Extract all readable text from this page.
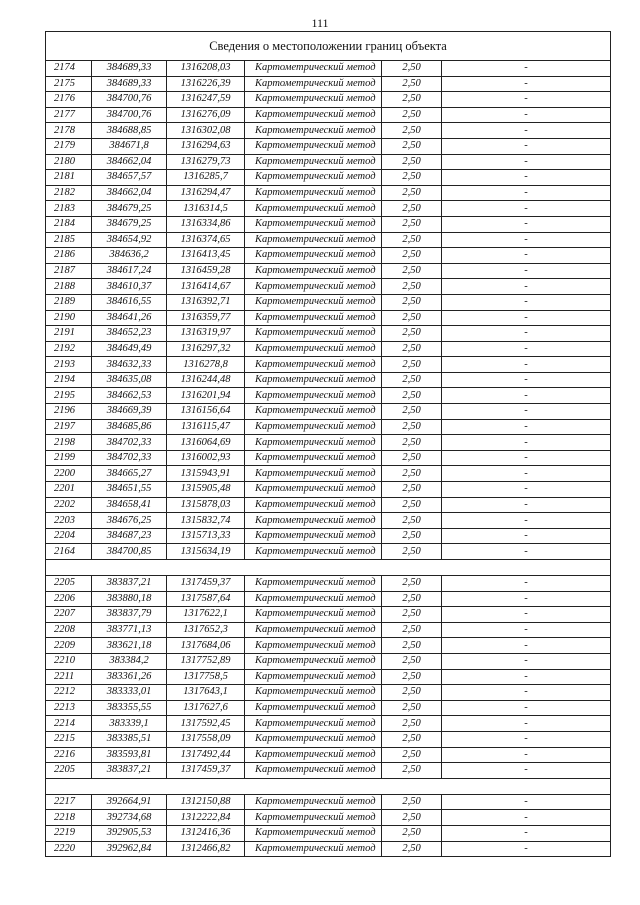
111
Сведения о местоположении границ объекта					
2174	384689,33	1316208,03	Картометрический метод	2,50	-
2175	384689,33	1316226,39	Картометрический метод	2,50	-
2176	384700,76	1316247,59	Картометрический метод	2,50	-
2177	384700,76	1316276,09	Картометрический метод	2,50	-
2178	384688,85	1316302,08	Картометрический метод	2,50	-
2179	384671,8	1316294,63	Картометрический метод	2,50	-
2180	384662,04	1316279,73	Картометрический метод	2,50	-
2181	384657,57	1316285,7	Картометрический метод	2,50	-
2182	384662,04	1316294,47	Картометрический метод	2,50	-
2183	384679,25	1316314,5	Картометрический метод	2,50	-
2184	384679,25	1316334,86	Картометрический метод	2,50	-
2185	384654,92	1316374,65	Картометрический метод	2,50	-
2186	384636,2	1316413,45	Картометрический метод	2,50	-
2187	384617,24	1316459,28	Картометрический метод	2,50	-
2188	384610,37	1316414,67	Картометрический метод	2,50	-
2189	384616,55	1316392,71	Картометрический метод	2,50	-
2190	384641,26	1316359,77	Картометрический метод	2,50	-
2191	384652,23	1316319,97	Картометрический метод	2,50	-
2192	384649,49	1316297,32	Картометрический метод	2,50	-
2193	384632,33	1316278,8	Картометрический метод	2,50	-
2194	384635,08	1316244,48	Картометрический метод	2,50	-
2195	384662,53	1316201,94	Картометрический метод	2,50	-
2196	384669,39	1316156,64	Картометрический метод	2,50	-
2197	384685,86	1316115,47	Картометрический метод	2,50	-
2198	384702,33	1316064,69	Картометрический метод	2,50	-
2199	384702,33	1316002,93	Картометрический метод	2,50	-
2200	384665,27	1315943,91	Картометрический метод	2,50	-
2201	384651,55	1315905,48	Картометрический метод	2,50	-
2202	384658,41	1315878,03	Картометрический метод	2,50	-
2203	384676,25	1315832,74	Картометрический метод	2,50	-
2204	384687,23	1315713,33	Картометрический метод	2,50	-
2164	384700,85	1315634,19	Картометрический метод	2,50	-

2205	383837,21	1317459,37	Картометрический метод	2,50	-
2206	383880,18	1317587,64	Картометрический метод	2,50	-
2207	383837,79	1317622,1	Картометрический метод	2,50	-
2208	383771,13	1317652,3	Картометрический метод	2,50	-
2209	383621,18	1317684,06	Картометрический метод	2,50	-
2210	383384,2	1317752,89	Картометрический метод	2,50	-
2211	383361,26	1317758,5	Картометрический метод	2,50	-
2212	383333,01	1317643,1	Картометрический метод	2,50	-
2213	383355,55	1317627,6	Картометрический метод	2,50	-
2214	383339,1	1317592,45	Картометрический метод	2,50	-
2215	383385,51	1317558,09	Картометрический метод	2,50	-
2216	383593,81	1317492,44	Картометрический метод	2,50	-
2205	383837,21	1317459,37	Картометрический метод	2,50	-

2217	392664,91	1312150,88	Картометрический метод	2,50	-
2218	392734,68	1312222,84	Картометрический метод	2,50	-
2219	392905,53	1312416,36	Картометрический метод	2,50	-
2220	392962,84	1312466,82	Картометрический метод	2,50	-
